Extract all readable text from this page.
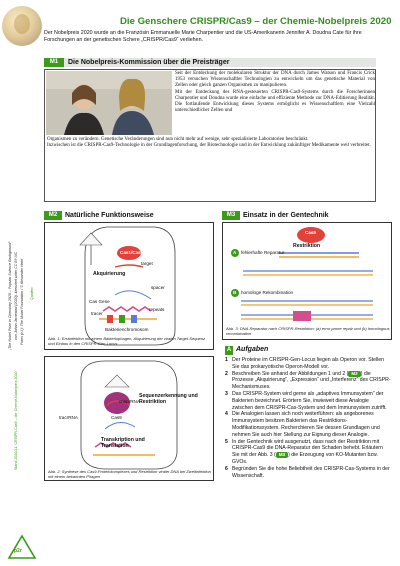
Die Genschere CRISPR/Cas9 – der Chemie-Nobelpreis 2020
Der Nobelpreis 2020 wurde an die Französin Emmanuelle Marie Charpentier und die US-Amerikanerin Jennifer A. Doudna Cate für ihre Forschungen an der genetischen Schere „CRISPR/Cas9“ verliehen.
M1	Die Nobelpreis-Kommission über die Preisträger

Seit der Entdeckung der molekularen Struktur der DNA durch James Watson und Francis Crick 1953 versuchen Wissenschaftler Technologien zu entwickeln um das genetische Material von Zellen oder gleich ganzen Organismen zu manipulieren.

Mit der Entdeckung des RNA-gesteuerten CRISPR-Cas9-Systems durch die Forscherinnen Charpentier und Doudna wurde eine einfache und effiziente Methode zur DNA-Editierung Realität. Die fortlaufende Entwicklung dieses Systems ermöglicht es Wissenschaftlern eine Vielzahl unterschiedlicher Zellen und

Organismen zu verändern. Genetische Veränderungen sind nun nicht mehr auf wenige, sehr spezialisierte Laboratorien beschränkt.

Inzwischen ist die CRISPR-Cas9-Technologie in der Grundlagenforschung, der Biotechnologie und in der Entwicklung zukünftiger Medikamente weit verbreitet.

M2	Natürliche Funktionsweise	M3	Einsatz in der Gentechnik
Cas1/Cas2
target
Akquirierung
spacer
Cas Gene
repeats
tracer
Bakterienchromosom
Abb. 1: Erstinfektion mit einem Bakteriophagen, Akquirierung der viralen Target-Sequenz und Einbau in den CRISPR-Gen-Locus
Sequenzerkennung und Restriktion
crisprRNA
Cas9
tracrRNA
Transkription und Translation
Abb. 2: Synthese des Cas9-Proteinkomplexes und Restriktion viraler DNA bei Zweitinfektion mit einem bekannten Phagen
Cas9
Restriktion
A fehlerhafte Reparatur
B homologe Rekombination
Abb. 3: DNA-Reparatur nach CRISPR-Restriktion: (a) error prone repair und (b) homologous recombination
Quellen:
„The Nobel Prize in Chemistry 2020 – Popular Science Background“ von Johan Jarnestad (2020), lizenziert unter CC BY-NC Fotos (v.l.): The Nobel Foundation / © Alexander Heinl
A Aufgaben
1 Der Proteine im CRISPR-Gen-Locus liegen als Operon vor. Stellen Sie das prokaryotische Operon-Modell vor.
2 Beschreiben Sie anhand der Abbildungen 1 und 2 ( M2 ) die Prozesse „Akquirierung“, „Expression“ und „Interferenz“ des CRISPR-Mechanismuses.
3 Das CRISPR-System wird gerne als „adaptives Immunsystem“ der Bakterien bezeichnet. Erörtern Sie, inwieweit diese Analogie zwischen dem CRISPR-Cas-System und dem Immunsystem zutrifft.
4 Die Analogien lassen sich noch weiterführen: als angeborenes Immunsystem besitzen Bakterien das Restriktions-Modifikationssystem. Recherchieren Sie dessen Grundlagen und nehmen Sie auch hier Stellung zur Eignung dieser Analogie.
5 In der Gentechnik wird ausgenutzt, dass nach der Restriktion mit CRISPR-Cas9 die DNA-Reparatur den Schaden behebt. Erläutern Sie mit der Abb. 3 ( M3 ) die Erzeugung von KO-Mutanten bzw. GVOs.
6 Begründen Sie die hohe Beliebtheit des CRISPR-Cas-Systems in der Wissenschaft.
Stand 2020/21, CRISPR-Cas9 – der Chemie-Nobelpreis 2020
p2r
